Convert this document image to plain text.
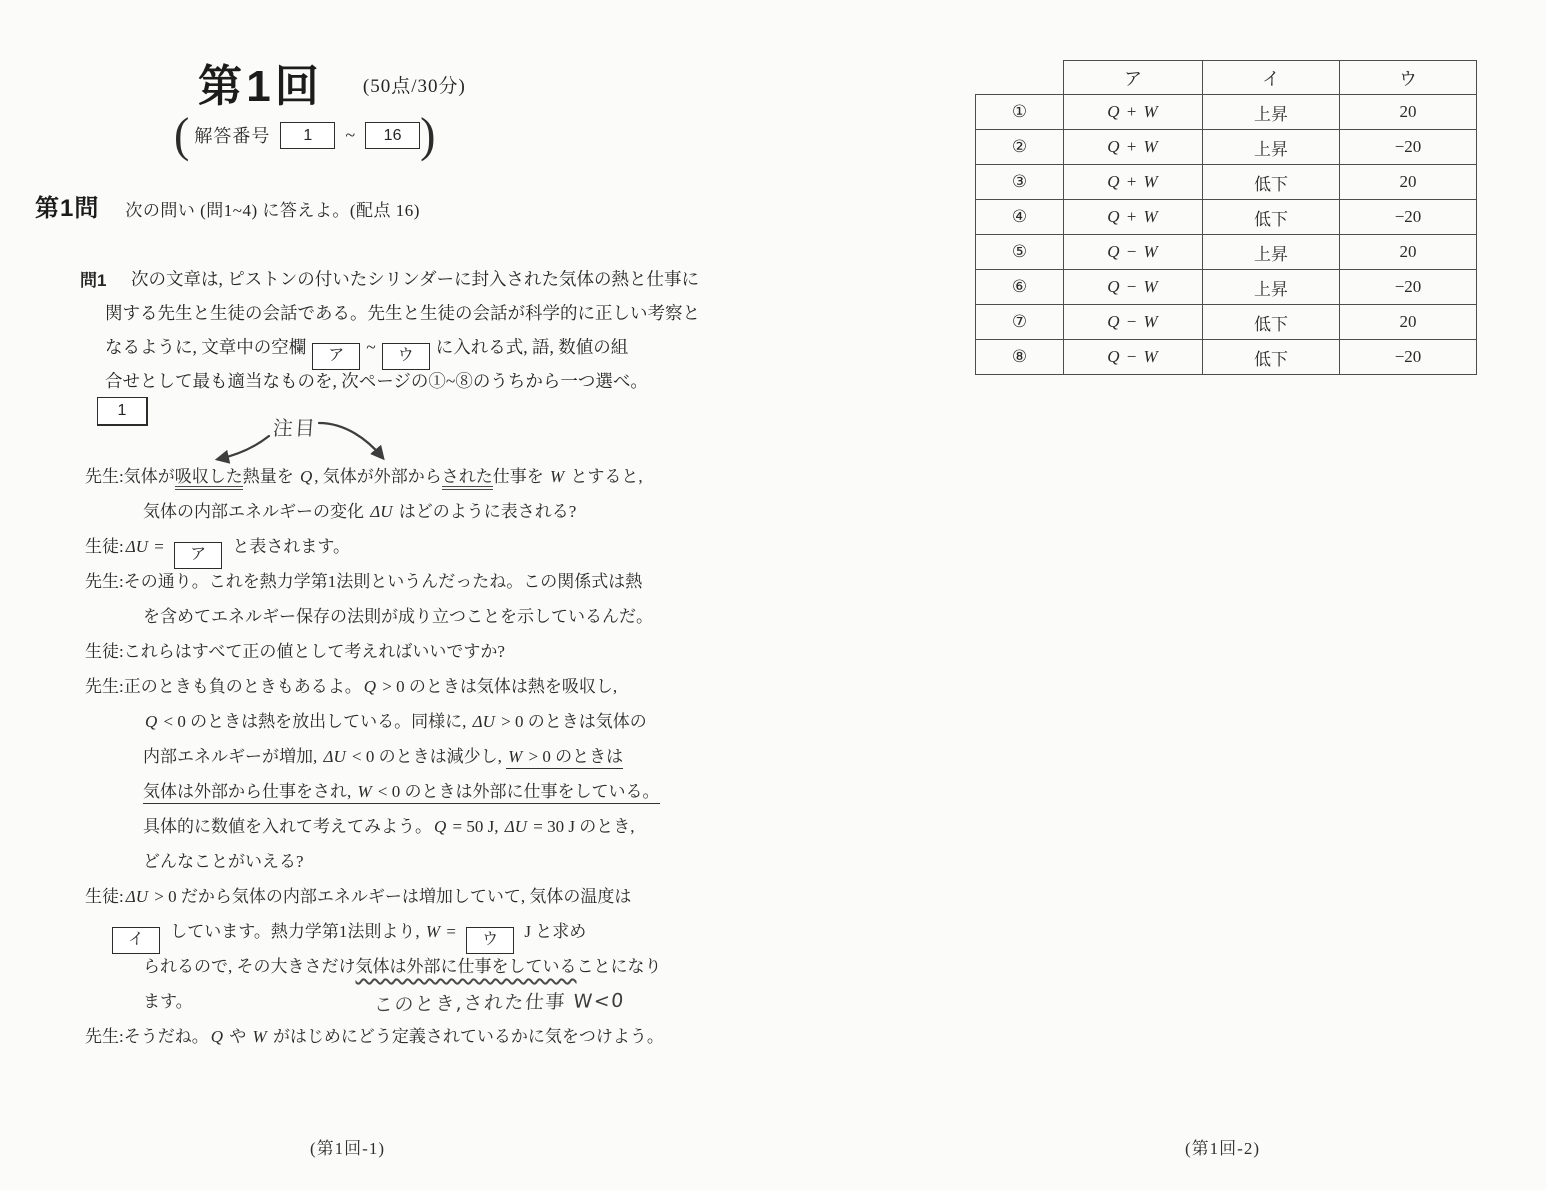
第 1 回	(50点/30分)
( 解答番号	1	~	16 )
第1問 次の問い (問1~4) に答えよ。(配点 16)
問1	次の文章は, ピストンの付いたシリンダーに封入された気体の熱と仕事に
関する先生と生徒の会話である。先生と生徒の会話が科学的に正しい考察と
なるように, 文章中の空欄 ア ~ ウ に入れる式, 語, 数値の組
合せとして最も適当なものを, 次ページの①~⑧のうちから一つ選べ。
1
注目
先生:気体が吸収した熱量を Q , 気体が外部からされた仕事を W とすると,
気体の内部エネルギーの変化 ΔU はどのように表される?
生徒: ΔU = ア と表されます。
先生:その通り。これを熱力学第1法則というんだったね。この関係式は熱
を含めてエネルギー保存の法則が成り立つことを示しているんだ。
生徒:これらはすべて正の値として考えればいいですか?
先生:正のときも負のときもあるよ。 Q > 0 のときは気体は熱を吸収し,
Q < 0 のときは熱を放出している。同様に, ΔU > 0 のときは気体の
内部エネルギーが増加, ΔU < 0 のときは減少し, W > 0 のときは
気体は外部から仕事をされ, W < 0 のときは外部に仕事をしている。
具体的に数値を入れて考えてみよう。 Q = 50 J, ΔU = 30 J のとき,
どんなことがいえる?
生徒: ΔU > 0 だから気体の内部エネルギーは増加していて, 気体の温度は
イ しています。熱力学第1法則より, W = ウ J と求め
られるので, その大きさだけ気体は外部に仕事をしていることになり
ます。
先生:そうだね。 Q や W がはじめにどう定義されているかに気をつけよう。
このとき,された仕事 W<0
	ア	イ	ウ
①	Q + W	上昇	20
②	Q + W	上昇	−20
③	Q + W	低下	20
④	Q + W	低下	−20
⑤	Q − W	上昇	20
⑥	Q − W	上昇	−20
⑦	Q − W	低下	20
⑧	Q − W	低下	−20
(第1回-1)	(第1回-2)
